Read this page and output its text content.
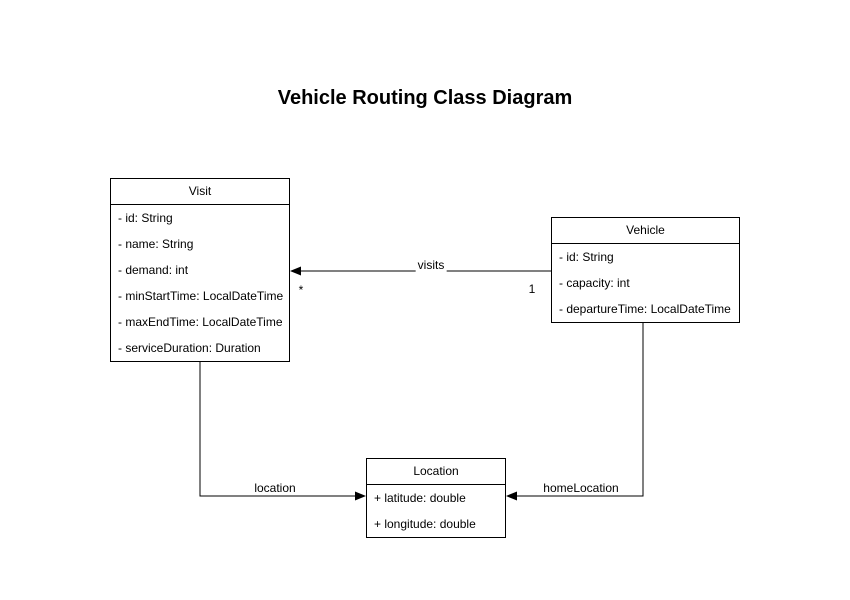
Vehicle Routing Class Diagram
Visit
- id: String
- name: String
- demand: int
- minStartTime: LocalDateTime
- maxEndTime: LocalDateTime
- serviceDuration: Duration
Vehicle
- id: String
- capacity: int
- departureTime: LocalDateTime
Location
+ latitude: double
+ longitude: double
visits
*	1
location	homeLocation
